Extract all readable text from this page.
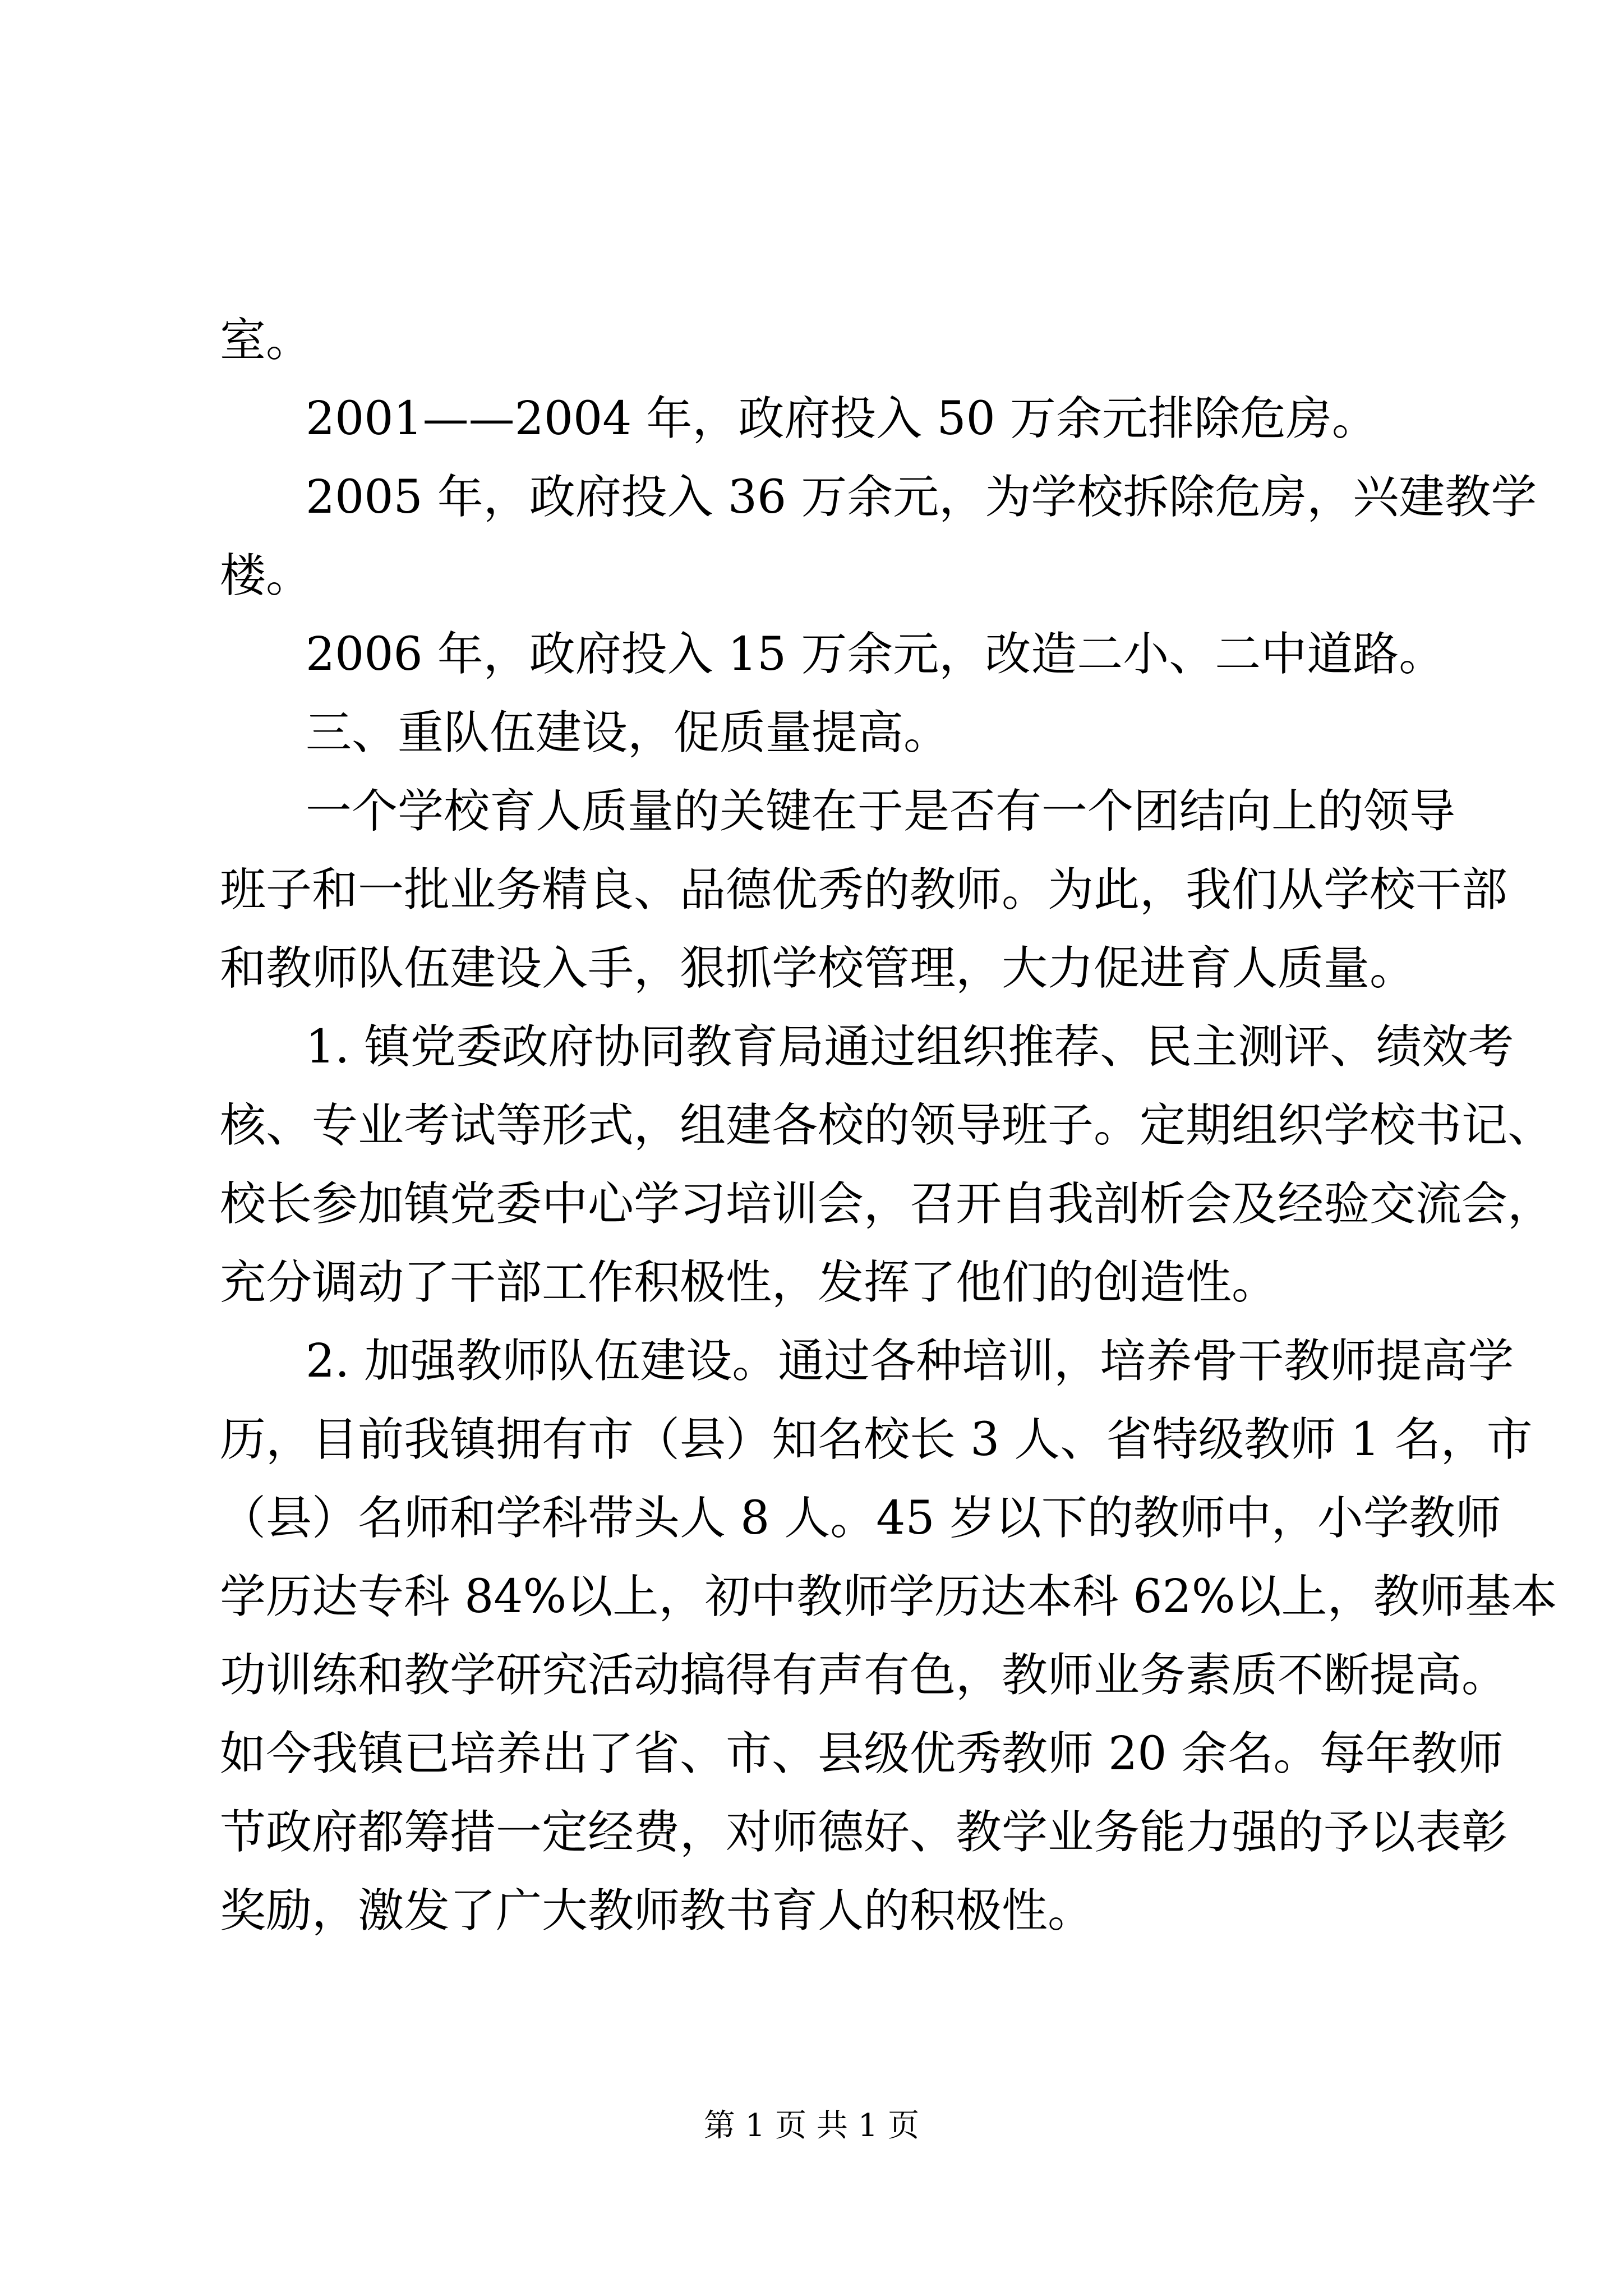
室。

2001——2004 年，政府投入 50 万余元排除危房。

2005 年，政府投入 36 万余元，为学校拆除危房，兴建教学

楼。

2006 年，政府投入 15 万余元，改造二小、二中道路。

三、重队伍建设，促质量提高。

一个学校育人质量的关键在于是否有一个团结向上的领导

班子和一批业务精良、品德优秀的教师。为此，我们从学校干部

和教师队伍建设入手，狠抓学校管理，大力促进育人质量。

1. 镇党委政府协同教育局通过组织推荐、民主测评、绩效考

核、专业考试等形式，组建各校的领导班子。定期组织学校书记、

校长参加镇党委中心学习培训会，召开自我剖析会及经验交流会，

充分调动了干部工作积极性，发挥了他们的创造性。

2. 加强教师队伍建设。通过各种培训，培养骨干教师提高学

历，目前我镇拥有市（县）知名校长 3 人、省特级教师 1 名，市

（县）名师和学科带头人 8 人。45 岁以下的教师中，小学教师

学历达专科 84%以上，初中教师学历达本科 62%以上，教师基本

功训练和教学研究活动搞得有声有色，教师业务素质不断提高。

如今我镇已培养出了省、市、县级优秀教师 20 余名。每年教师

节政府都筹措一定经费，对师德好、教学业务能力强的予以表彰

奖励，激发了广大教师教书育人的积极性。

第 1 页 共 1 页
